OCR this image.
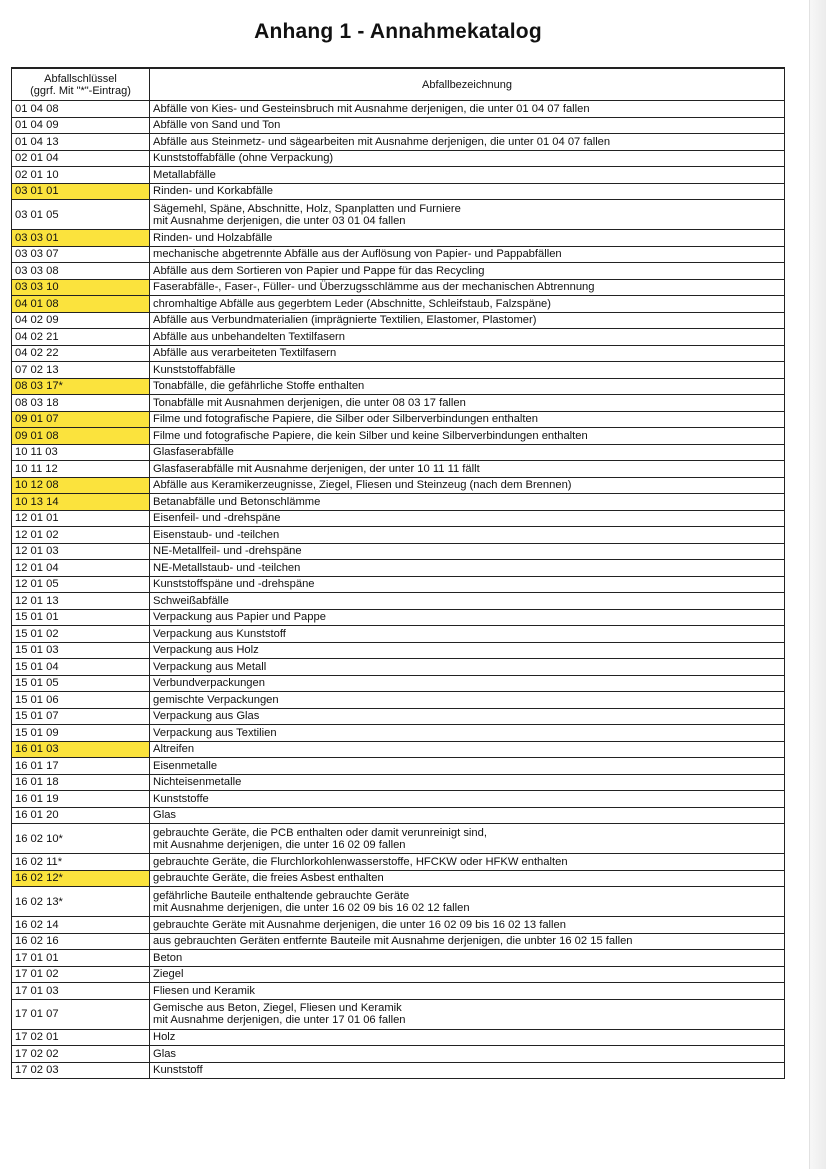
Anhang 1 - Annahmekatalog
Abfallschlüssel
(ggrf. Mit "*"-Eintrag)	Abfallbezeichnung
01 04 08	Abfälle von Kies- und Gesteinsbruch mit Ausnahme derjenigen, die unter 01 04 07 fallen

01 04 09	Abfälle von Sand und Ton

01 04 13	Abfälle aus Steinmetz- und sägearbeiten mit Ausnahme derjenigen, die unter 01 04 07 fallen

02 01 04	Kunststoffabfälle (ohne Verpackung)

02 01 10	Metallabfälle

03 01 01	Rinden- und Korkabfälle

03 01 05	Sägemehl, Späne, Abschnitte, Holz, Spanplatten und Furniere
mit Ausnahme derjenigen, die unter 03 01 04 fallen

03 03 01	Rinden- und Holzabfälle

03 03 07	mechanische abgetrennte Abfälle aus der Auflösung von Papier- und Pappabfällen

03 03 08	Abfälle aus dem Sortieren von Papier und Pappe für das Recycling

03 03 10	Faserabfälle-, Faser-, Füller- und Überzugsschlämme aus der mechanischen Abtrennung

04 01 08	chromhaltige Abfälle aus gegerbtem Leder (Abschnitte, Schleifstaub, Falzspäne)

04 02 09	Abfälle aus Verbundmaterialien (imprägnierte Textilien, Elastomer, Plastomer)

04 02 21	Abfälle aus unbehandelten Textilfasern

04 02 22	Abfälle aus verarbeiteten Textilfasern

07 02 13	Kunststoffabfälle

08 03 17*	Tonabfälle, die gefährliche Stoffe enthalten

08 03 18	Tonabfälle mit Ausnahmen derjenigen, die unter 08 03 17 fallen

09 01 07	Filme und fotografische Papiere, die Silber oder Silberverbindungen enthalten

09 01 08	Filme und fotografische Papiere, die kein Silber und keine Silberverbindungen enthalten

10 11 03	Glasfaserabfälle

10 11 12	Glasfaserabfälle mit Ausnahme derjenigen, der unter 10 11 11 fällt

10 12 08	Abfälle aus Keramikerzeugnisse, Ziegel, Fliesen und Steinzeug (nach dem Brennen)

10 13 14	Betanabfälle und Betonschlämme

12 01 01	Eisenfeil- und -drehspäne

12 01 02	Eisenstaub- und -teilchen

12 01 03	NE-Metallfeil- und -drehspäne

12 01 04	NE-Metallstaub- und -teilchen

12 01 05	Kunststoffspäne und -drehspäne

12 01 13	Schweißabfälle

15 01 01	Verpackung aus Papier und Pappe

15 01 02	Verpackung aus Kunststoff

15 01 03	Verpackung aus Holz

15 01 04	Verpackung aus Metall

15 01 05	Verbundverpackungen

15 01 06	gemischte Verpackungen

15 01 07	Verpackung aus Glas

15 01 09	Verpackung aus Textilien

16 01 03	Altreifen

16 01 17	Eisenmetalle

16 01 18	Nichteisenmetalle

16 01 19	Kunststoffe

16 01 20	Glas

16 02 10*	gebrauchte Geräte, die PCB enthalten oder damit verunreinigt sind,
mit Ausnahme derjenigen, die unter 16 02 09 fallen

16 02 11*	gebrauchte Geräte, die Flurchlorkohlenwasserstoffe, HFCKW oder HFKW enthalten

16 02 12*	gebrauchte Geräte, die freies Asbest enthalten

16 02 13*	gefährliche Bauteile enthaltende gebrauchte Geräte
mit Ausnahme derjenigen, die unter 16 02 09 bis 16 02 12 fallen

16 02 14	gebrauchte Geräte mit Ausnahme derjenigen, die unter 16 02 09 bis 16 02 13 fallen

16 02 16	aus gebrauchten Geräten entfernte Bauteile mit Ausnahme derjenigen, die unbter 16 02 15 fallen

17 01 01	Beton

17 01 02	Ziegel

17 01 03	Fliesen und Keramik

17 01 07	Gemische aus Beton, Ziegel, Fliesen und Keramik
mit Ausnahme derjenigen, die unter 17 01 06 fallen

17 02 01	Holz

17 02 02	Glas

17 02 03	Kunststoff
